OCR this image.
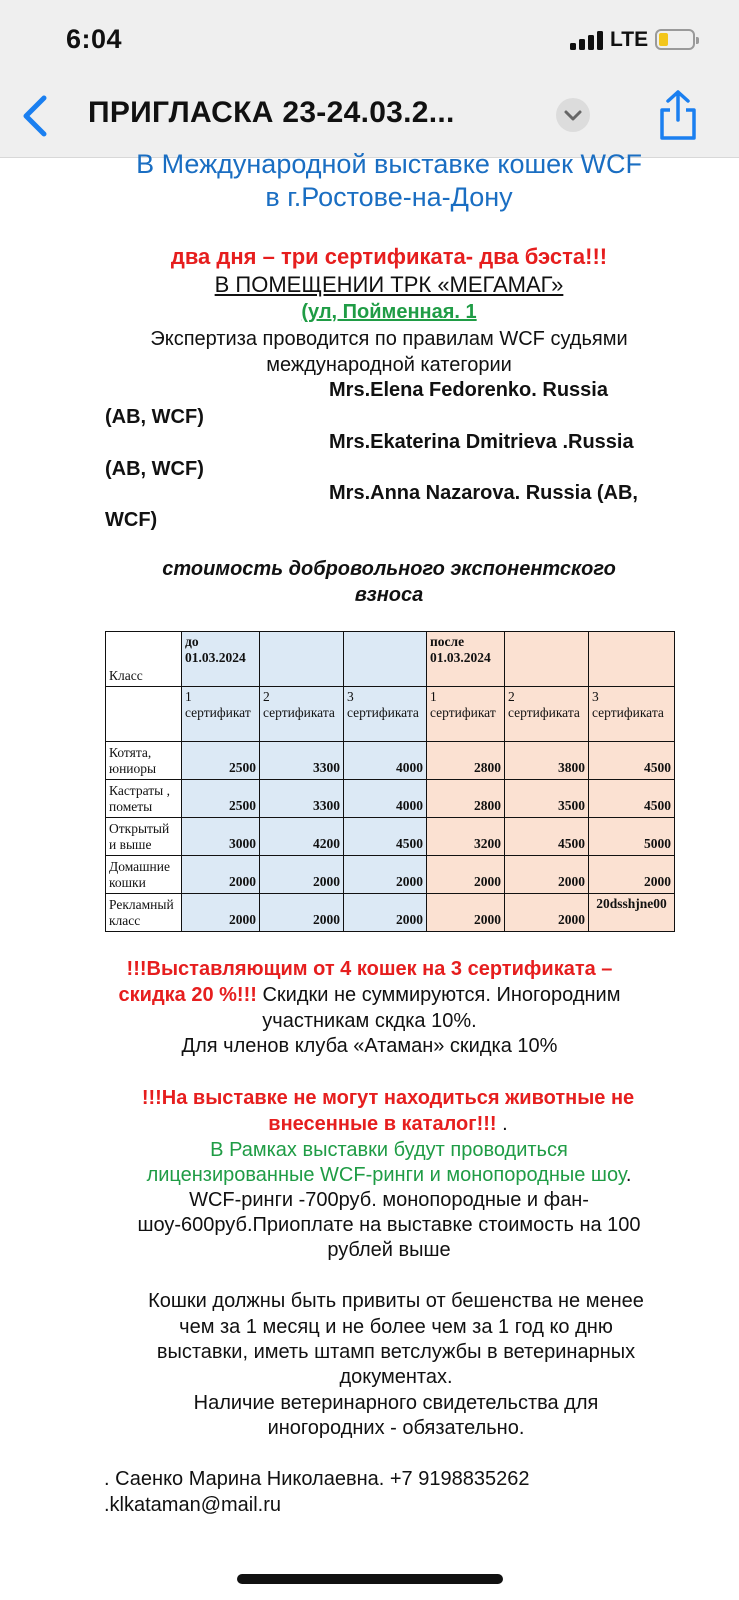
6:04	LTE
ПРИГЛАСКА 23-24.03.2...
В Международной выставке кошек WCF
в г.Ростове-на-Дону
два дня – три сертификата- два бэста!!!
В ПОМЕЩЕНИИ ТРК «МЕГАМАГ»
(ул, Пойменная. 1
Экспертиза проводится по правилам WCF судьями
международной категории
Mrs.Elena Fedorenko. Russia
(AB, WCF)
Mrs.Ekaterina Dmitrieva .Russia
(AB, WCF)
Mrs.Anna Nazarova. Russia (AB,
WCF)
стоимость добровольного экспонентского
взноса
Класс	до 01.03.2024			после 01.03.2024		
	1 сертификат	2 сертификата	3 сертификата	1 сертификат	2 сертификата	3 сертификата
Котята, юниоры	2500	3300	4000	2800	3800	4500
Кастраты , пометы	2500	3300	4000	2800	3500	4500
Открытый и выше	3000	4200	4500	3200	4500	5000
Домашние кошки	2000	2000	2000	2000	2000	2000
Рекламный класс	2000	2000	2000	2000	2000	20dsshjne00
!!!Выставляющим от 4 кошек на 3 сертификата –
скидка 20 %!!! Скидки не суммируются. Иногородним
участникам скдка 10%.
Для членов клуба «Атаман» скидка 10%
!!!На выставке не могут находиться животные не
внесенные в каталог!!! .
В Рамках выставки будут проводиться
лицензированные WCF-ринги и монопородные шоу.
WCF-ринги -700руб. монопородные и фан-
шоу-600руб.Приоплате на выставке стоимость на 100
рублей выше
Кошки должны быть привиты от бешенства не менее
чем за 1 месяц и не более чем за 1 год ко дню
выставки, иметь штамп ветслужбы в ветеринарных
документах.
Наличие ветеринарного свидетельства для
иногородних - обязательно.
. Саенко Марина Николаевна. +7 9198835262
.klkataman@mail.ru
